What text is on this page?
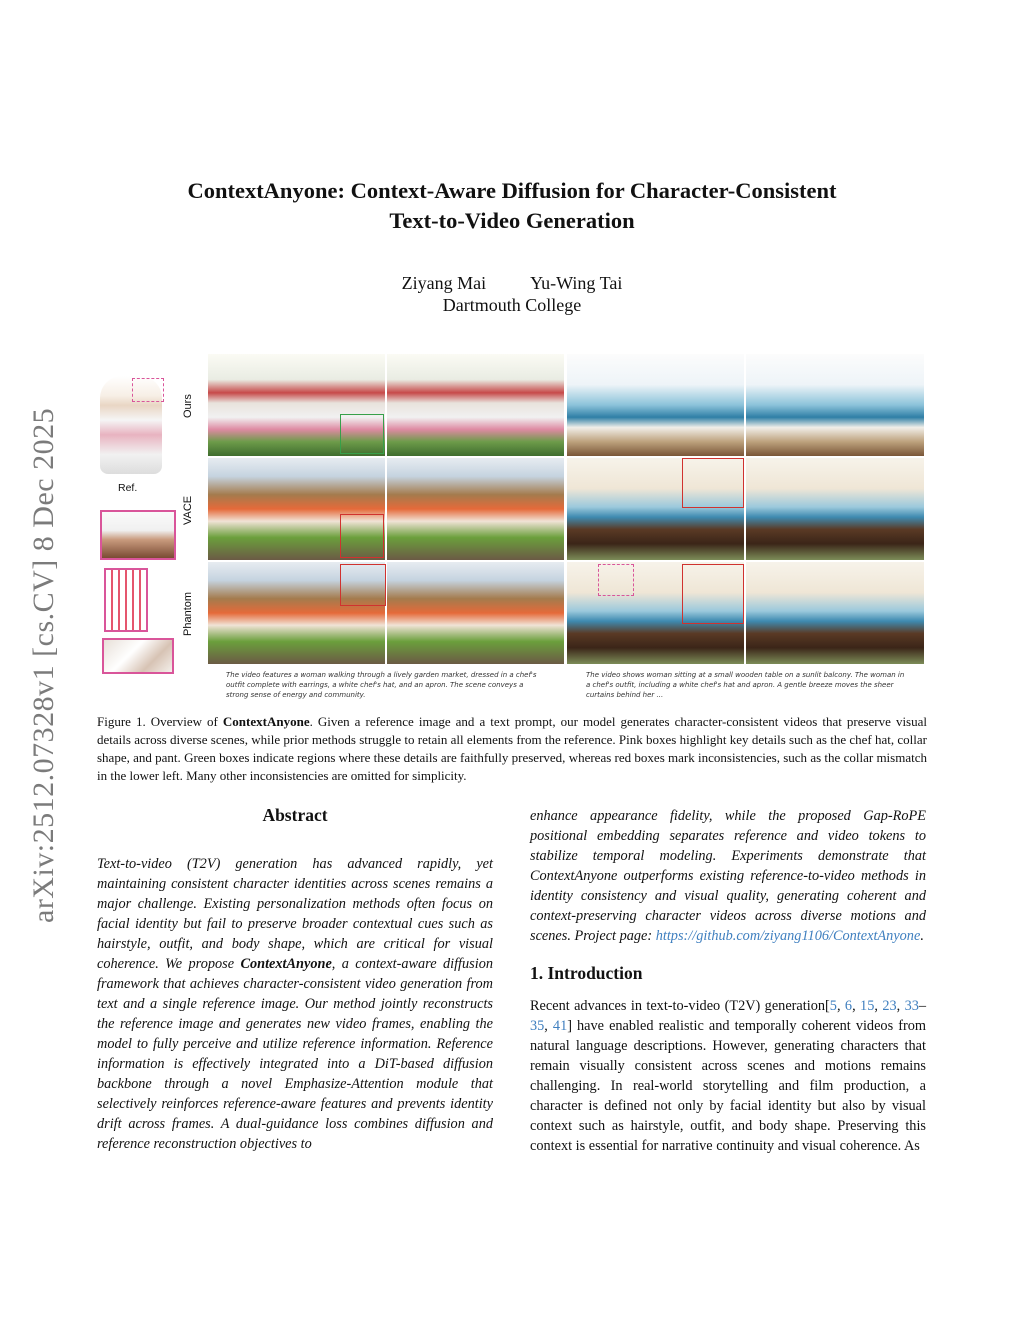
arXiv:2512.07328v1 [cs.CV] 8 Dec 2025
ContextAnyone: Context-Aware Diffusion for Character-Consistent
Text-to-Video Generation
Ziyang Mai Yu-Wing Tai
Dartmouth College
Ref.
Ours
VACE
Phantom
The video features a woman walking through a lively garden market, dressed in a chef's outfit complete with earrings, a white chef's hat, and an apron. The scene conveys a strong sense of energy and community.
The video shows woman sitting at a small wooden table on a sunlit balcony. The woman in a chef's outfit, including a white chef's hat and apron. A gentle breeze moves the sheer curtains behind her ...
Figure 1. Overview of ContextAnyone. Given a reference image and a text prompt, our model generates character-consistent videos that preserve visual details across diverse scenes, while prior methods struggle to retain all elements from the reference. Pink boxes highlight key details such as the chef hat, collar shape, and pant. Green boxes indicate regions where these details are faithfully preserved, whereas red boxes mark inconsistencies, such as the collar mismatch in the lower left. Many other inconsistencies are omitted for simplicity.
Abstract

Text-to-video (T2V) generation has advanced rapidly, yet maintaining consistent character identities across scenes remains a major challenge. Existing personalization methods often focus on facial identity but fail to preserve broader contextual cues such as hairstyle, outfit, and body shape, which are critical for visual coherence. We propose ContextAnyone, a context-aware diffusion framework that achieves character-consistent video generation from text and a single reference image. Our method jointly reconstructs the reference image and generates new video frames, enabling the model to fully perceive and utilize reference information. Reference information is effectively integrated into a DiT-based diffusion backbone through a novel Emphasize-Attention module that selectively reinforces reference-aware features and prevents identity drift across frames. A dual-guidance loss combines diffusion and reference reconstruction objectives to

enhance appearance fidelity, while the proposed Gap-RoPE positional embedding separates reference and video tokens to stabilize temporal modeling. Experiments demonstrate that ContextAnyone outperforms existing reference-to-video methods in identity consistency and visual quality, generating coherent and context-preserving character videos across diverse motions and scenes. Project page: https://github.com/ziyang1106/ContextAnyone.

1. Introduction

Recent advances in text-to-video (T2V) generation[5, 6, 15, 23, 33–35, 41] have enabled realistic and temporally coherent videos from natural language descriptions. However, generating characters that remain visually consistent across scenes and motions remains challenging. In real-world storytelling and film production, a character is defined not only by facial identity but also by visual context such as hairstyle, outfit, and body shape. Preserving this context is essential for narrative continuity and visual coherence. As
